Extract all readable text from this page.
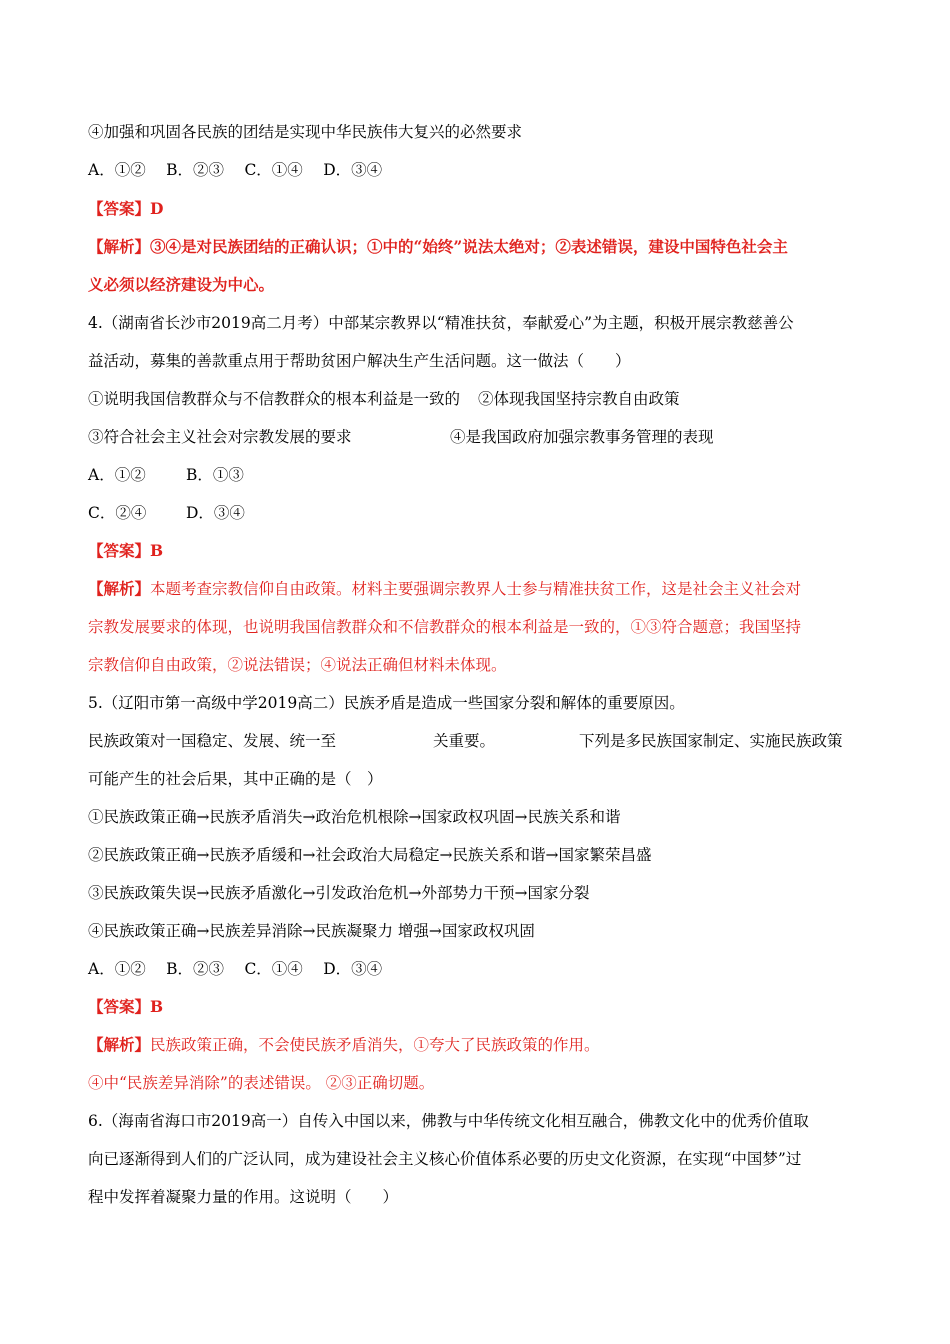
④加强和巩固各民族的团结是实现中华民族伟大复兴的必然要求
A．①②　 B．②③　 C．①④　 D．③④
【答案】D
【解析】③④是对民族团结的正确认识；①中的“始终”说法太绝对；②表述错误，建设中国特色社会主
义必须以经济建设为中心。
4.（湖南省长沙市2019高二月考）中部某宗教界以“精准扶贫，奉献爱心”为主题，积极开展宗教慈善公
益活动，募集的善款重点用于帮助贫困户解决生产生活问题。这一做法（　　）
①说明我国信教群众与不信教群众的根本利益是一致的 ②体现我国坚持宗教自由政策
③符合社会主义社会对宗教发展的要求	④是我国政府加强宗教事务管理的表现
A．①②	B．①③
C．②④	D．③④
【答案】B
【解析】本题考查宗教信仰自由政策。材料主要强调宗教界人士参与精准扶贫工作，这是社会主义社会对
宗教发展要求的体现，也说明我国信教群众和不信教群众的根本利益是一致的，①③符合题意；我国坚持
宗教信仰自由政策，②说法错误；④说法正确但材料未体现。
5.（辽阳市第一高级中学2019高二）民族矛盾是造成一些国家分裂和解体的重要原因。
民族政策对一国稳定、发展、统一至	关重要。	下列是多民族国家制定、实施民族政策
可能产生的社会后果，其中正确的是（　）
①民族政策正确→民族矛盾消失→政治危机根除→国家政权巩固→民族关系和谐
②民族政策正确→民族矛盾缓和→社会政治大局稳定→民族关系和谐→国家繁荣昌盛
③民族政策失误→民族矛盾激化→引发政治危机→外部势力干预→国家分裂
④民族政策正确→民族差异消除→民族凝聚力 增强→国家政权巩固
A．①②　 B．②③　 C．①④　 D．③④
【答案】B
【解析】民族政策正确，不会使民族矛盾消失，①夸大了民族政策的作用。
④中“民族差异消除”的表述错误。 ②③正确切题。
6.（海南省海口市2019高一）自传入中国以来，佛教与中华传统文化相互融合，佛教文化中的优秀价值取
向已逐渐得到人们的广泛认同，成为建设社会主义核心价值体系必要的历史文化资源，在实现“中国梦”过
程中发挥着凝聚力量的作用。这说明（　　）
